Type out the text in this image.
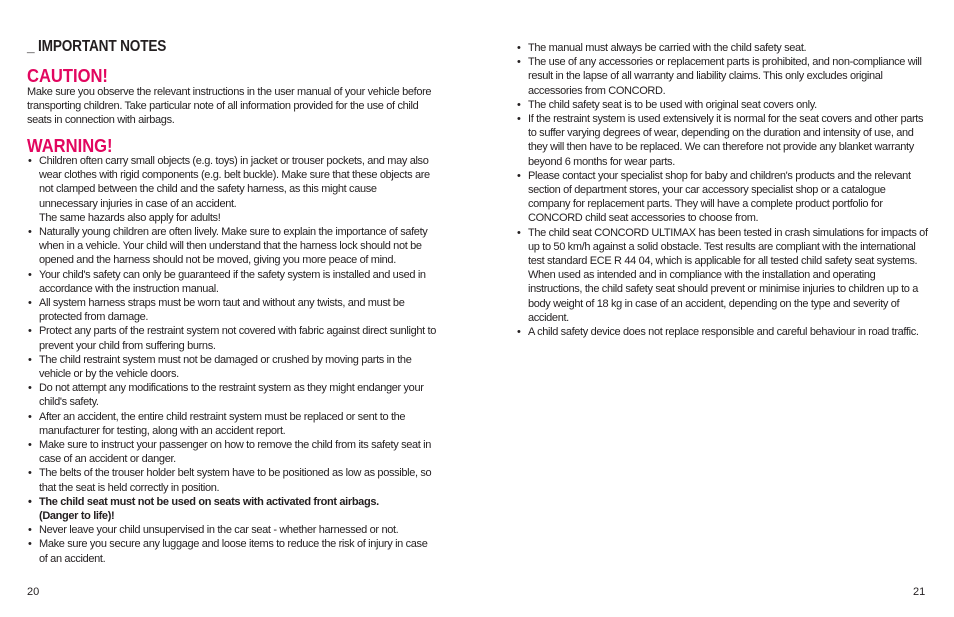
_ IMPORTANT NOTES
CAUTION!
Make sure you observe the relevant instructions in the user manual of your vehicle before transporting children. Take particular note of all information provided for the use of child seats in connection with airbags.
WARNING!
• Children often carry small objects (e.g. toys) in jacket or trouser pockets, and may also wear clothes with rigid components (e.g. belt buckle). Make sure that these objects are not clamped between the child and the safety harness, as this might cause unnecessary injuries in case of an accident.
The same hazards also apply for adults!
• Naturally young children are often lively. Make sure to explain the importance of safety when in a vehicle. Your child will then understand that the harness lock should not be opened and the harness should not be moved, giving you more peace of mind.
• Your child's safety can only be guaranteed if the safety system is installed and used in accordance with the instruction manual.
• All system harness straps must be worn taut and without any twists, and must be protected from damage.
• Protect any parts of the restraint system not covered with fabric against direct sunlight to prevent your child from suffering burns.
• The child restraint system must not be damaged or crushed by moving parts in the vehicle or by the vehicle doors.
• Do not attempt any modifications to the restraint system as they might endanger your child's safety.
• After an accident, the entire child restraint system must be replaced or sent to the manufacturer for testing, along with an accident report.
• Make sure to instruct your passenger on how to remove the child from its safety seat in case of an accident or danger.
• The belts of the trouser holder belt system have to be positioned as low as possible, so that the seat is held correctly in position.
• The child seat must not be used on seats with activated front airbags.
(Danger to life)!
• Never leave your child unsupervised in the car seat - whether harnessed or not.
• Make sure you secure any luggage and loose items to reduce the risk of injury in case of an accident.
• The manual must always be carried with the child safety seat.
• The use of any accessories or replacement parts is prohibited, and non-compliance will result in the lapse of all warranty and liability claims. This only excludes original accessories from CONCORD.
• The child safety seat is to be used with original seat covers only.
• If the restraint system is used extensively it is normal for the seat covers and other parts to suffer varying degrees of wear, depending on the duration and intensity of use, and they will then have to be replaced. We can therefore not provide any blanket warranty beyond 6 months for wear parts.
• Please contact your specialist shop for baby and children's products and the relevant section of department stores, your car accessory specialist shop or a catalogue company for replacement parts. They will have a complete product portfolio for CONCORD child seat accessories to choose from.
• The child seat CONCORD ULTIMAX has been tested in crash simulations for impacts of up to 50 km/h against a solid obstacle. Test results are compliant with the international test standard ECE R 44 04, which is applicable for all tested child safety seat systems. When used as intended and in compliance with the installation and operating instructions, the child safety seat should prevent or minimise injuries to children up to a body weight of 18 kg in case of an accident, depending on the type and severity of accident.
• A child safety device does not replace responsible and careful behaviour in road traffic.
20	21
